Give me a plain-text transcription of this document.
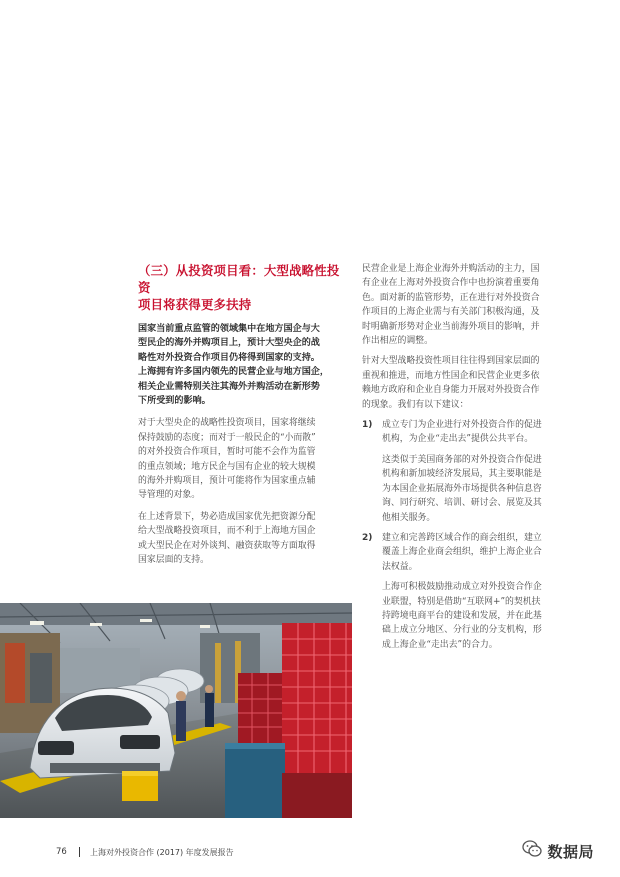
（三）从投资项目看：大型战略性投资
项目将获得更多扶持
国家当前重点监管的领域集中在地方国企与大
型民企的海外并购项目上，预计大型央企的战
略性对外投资合作项目仍将得到国家的支持。
上海拥有许多国内领先的民营企业与地方国企，
相关企业需特别关注其海外并购活动在新形势
下所受到的影响。
对于大型央企的战略性投资项目，国家将继续
保持鼓励的态度；而对于一般民企的“小而散”
的对外投资合作项目，暂时可能不会作为监管
的重点领域；地方民企与国有企业的较大规模
的海外并购项目，预计可能将作为国家重点辅
导管理的对象。
在上述背景下，势必造成国家优先把资源分配
给大型战略投资项目，而不利于上海地方国企
或大型民企在对外谈判、融资获取等方面取得
国家层面的支持。
民营企业是上海企业海外并购活动的主力，国
有企业在上海对外投资合作中也扮演着重要角
色。面对新的监管形势，正在进行对外投资合
作项目的上海企业需与有关部门积极沟通，及
时明确新形势对企业当前海外项目的影响，并
作出相应的调整。
针对大型战略投资性项目往往得到国家层面的
重视和推进，而地方性国企和民营企业更多依
赖地方政府和企业自身能力开展对外投资合作
的现象。我们有以下建议：
1) 成立专门为企业进行对外投资合作的促进
机构，为企业“走出去”提供公共平台。
这类似于美国商务部的对外投资合作促进
机构和新加坡经济发展局，其主要职能是
为本国企业拓展海外市场提供各种信息咨
询、同行研究、培训、研讨会、展览及其
他相关服务。
2) 建立和完善跨区域合作的商会组织，建立
覆盖上海企业商会组织，维护上海企业合
法权益。
上海可积极鼓励推动成立对外投资合作企
业联盟，特别是借助“互联网+”的契机扶
持跨境电商平台的建设和发展，并在此基
础上成立分地区、分行业的分支机构，形
成上海企业“走出去”的合力。
76	上海对外投资合作 (2017) 年度发展报告	数据局
